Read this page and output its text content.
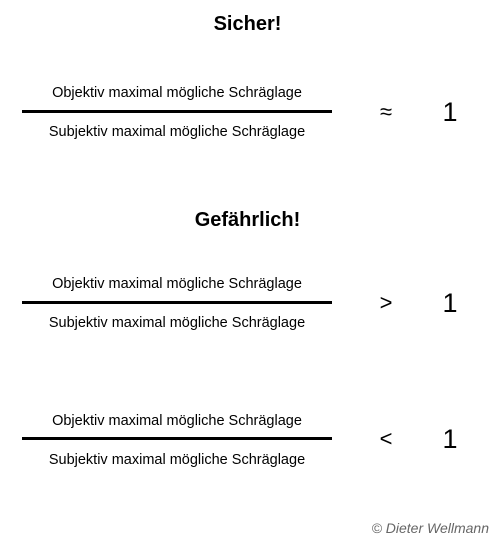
Sicher!
Objektiv maximal mögliche Schräglage
Subjektiv maximal mögliche Schräglage
≈	1
Gefährlich!
Objektiv maximal mögliche Schräglage
Subjektiv maximal mögliche Schräglage
>	1
Objektiv maximal mögliche Schräglage
Subjektiv maximal mögliche Schräglage
<	1
© Dieter Wellmann
